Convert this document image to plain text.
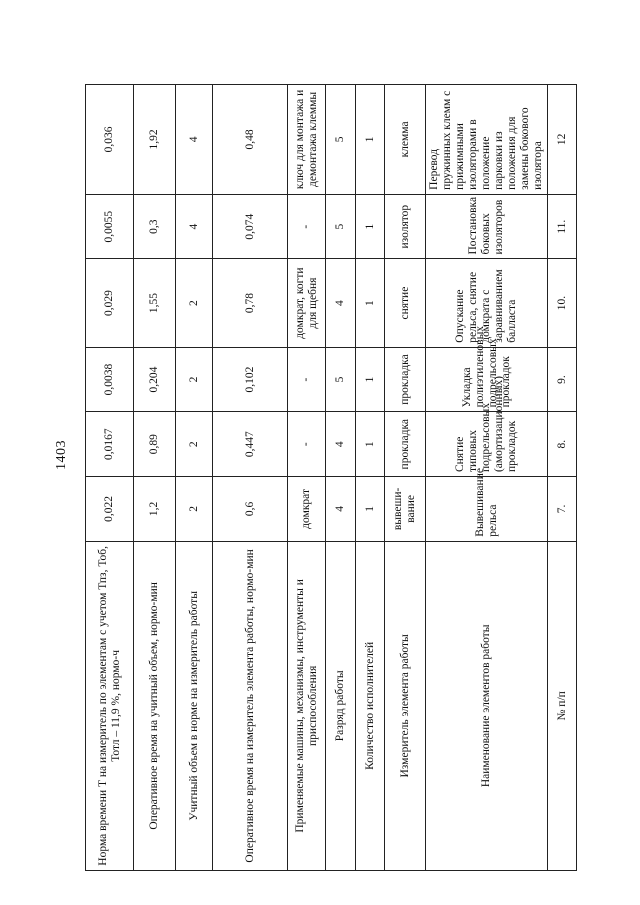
1403
Норма времени Т на измеритель по элементам с учетом Тпз, Тоб, Тотл – 11,9 %, нормо-ч	0,022	0,0167	0,0038	0,029	0,0055	0,036
Оперативное время на учитный объем, нормо-мин	1,2	0,89	0,204	1,55	0,3	1,92
Учитный объем в норме на измеритель работы	2	2	2	2	4	4
Оперативное время на измеритель элемента работы, нормо-мин	0,6	0,447	0,102	0,78	0,074	0,48
Применяемые машины, механизмы, инструменты и приспособления	домкрат	-	-	домкрат, когти для щебня	-	ключ для монтажа и демонтажа клеммы
Разряд работы	4	4	5	4	5	5
Количество исполнителей	1	1	1	1	1	1
Измеритель элемента работы	вывеши-вание	прокладка	прокладка	снятие	изолятор	клемма
Наименование элементов работы	Вывешивание рельса	Снятие типовых подрельсовых (амортизационных) прокладок	Укладка полиэтиленовых подрельсовых прокладок	Опускание рельса, снятие домкрата с заравниванием балласта	Постановка боковых изоляторов	Перевод пружинных клемм с прижимными изоляторами в положение парковки из положения для замены бокового изолятора
№ п/п	7.	8.	9.	10.	11.	12
